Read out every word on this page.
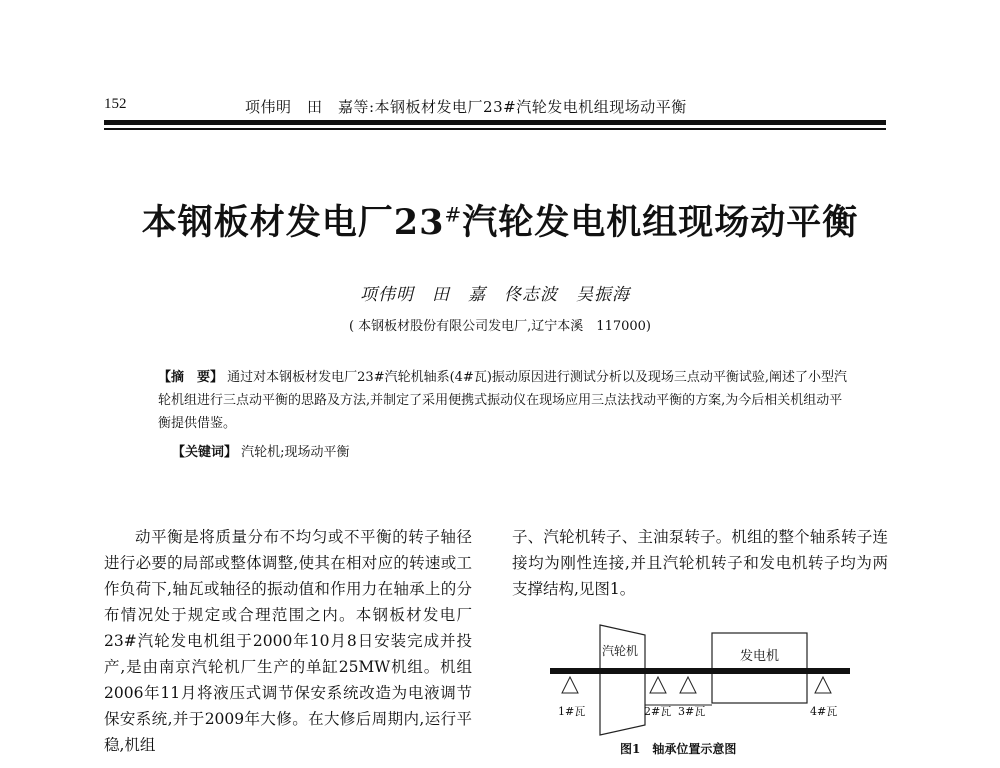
152	项伟明　田　嘉等:本钢板材发电厂23#汽轮发电机组现场动平衡
本钢板材发电厂23#汽轮发电机组现场动平衡
项伟明　田　嘉　佟志波　吴振海
( 本钢板材股份有限公司发电厂,辽宁本溪　117000)
【摘　要】 通过对本钢板材发电厂23#汽轮机轴系(4#瓦)振动原因进行测试分析以及现场三点动平衡试验,阐述了小型汽轮机组进行三点动平衡的思路及方法,并制定了采用便携式振动仪在现场应用三点法找动平衡的方案,为今后相关机组动平衡提供借鉴。
【关键词】 汽轮机;现场动平衡

动平衡是将质量分布不均匀或不平衡的转子轴径进行必要的局部或整体调整,使其在相对应的转速或工作负荷下,轴瓦或轴径的振动值和作用力在轴承上的分布情况处于规定或合理范围之内。本钢板材发电厂23#汽轮发电机组于2000年10月8日安装完成并投产,是由南京汽轮机厂生产的单缸25MW机组。机组2006年11月将液压式调节保安系统改造为电液调节保安系统,并于2009年大修。在大修后周期内,运行平稳,机组

子、汽轮机转子、主油泵转子。机组的整个轴系转子连接均为刚性连接,并且汽轮机转子和发电机转子均为两支撑结构,见图1。

汽轮机	发电机
1#瓦	2#瓦 3#瓦	4#瓦
图1　轴承位置示意图
